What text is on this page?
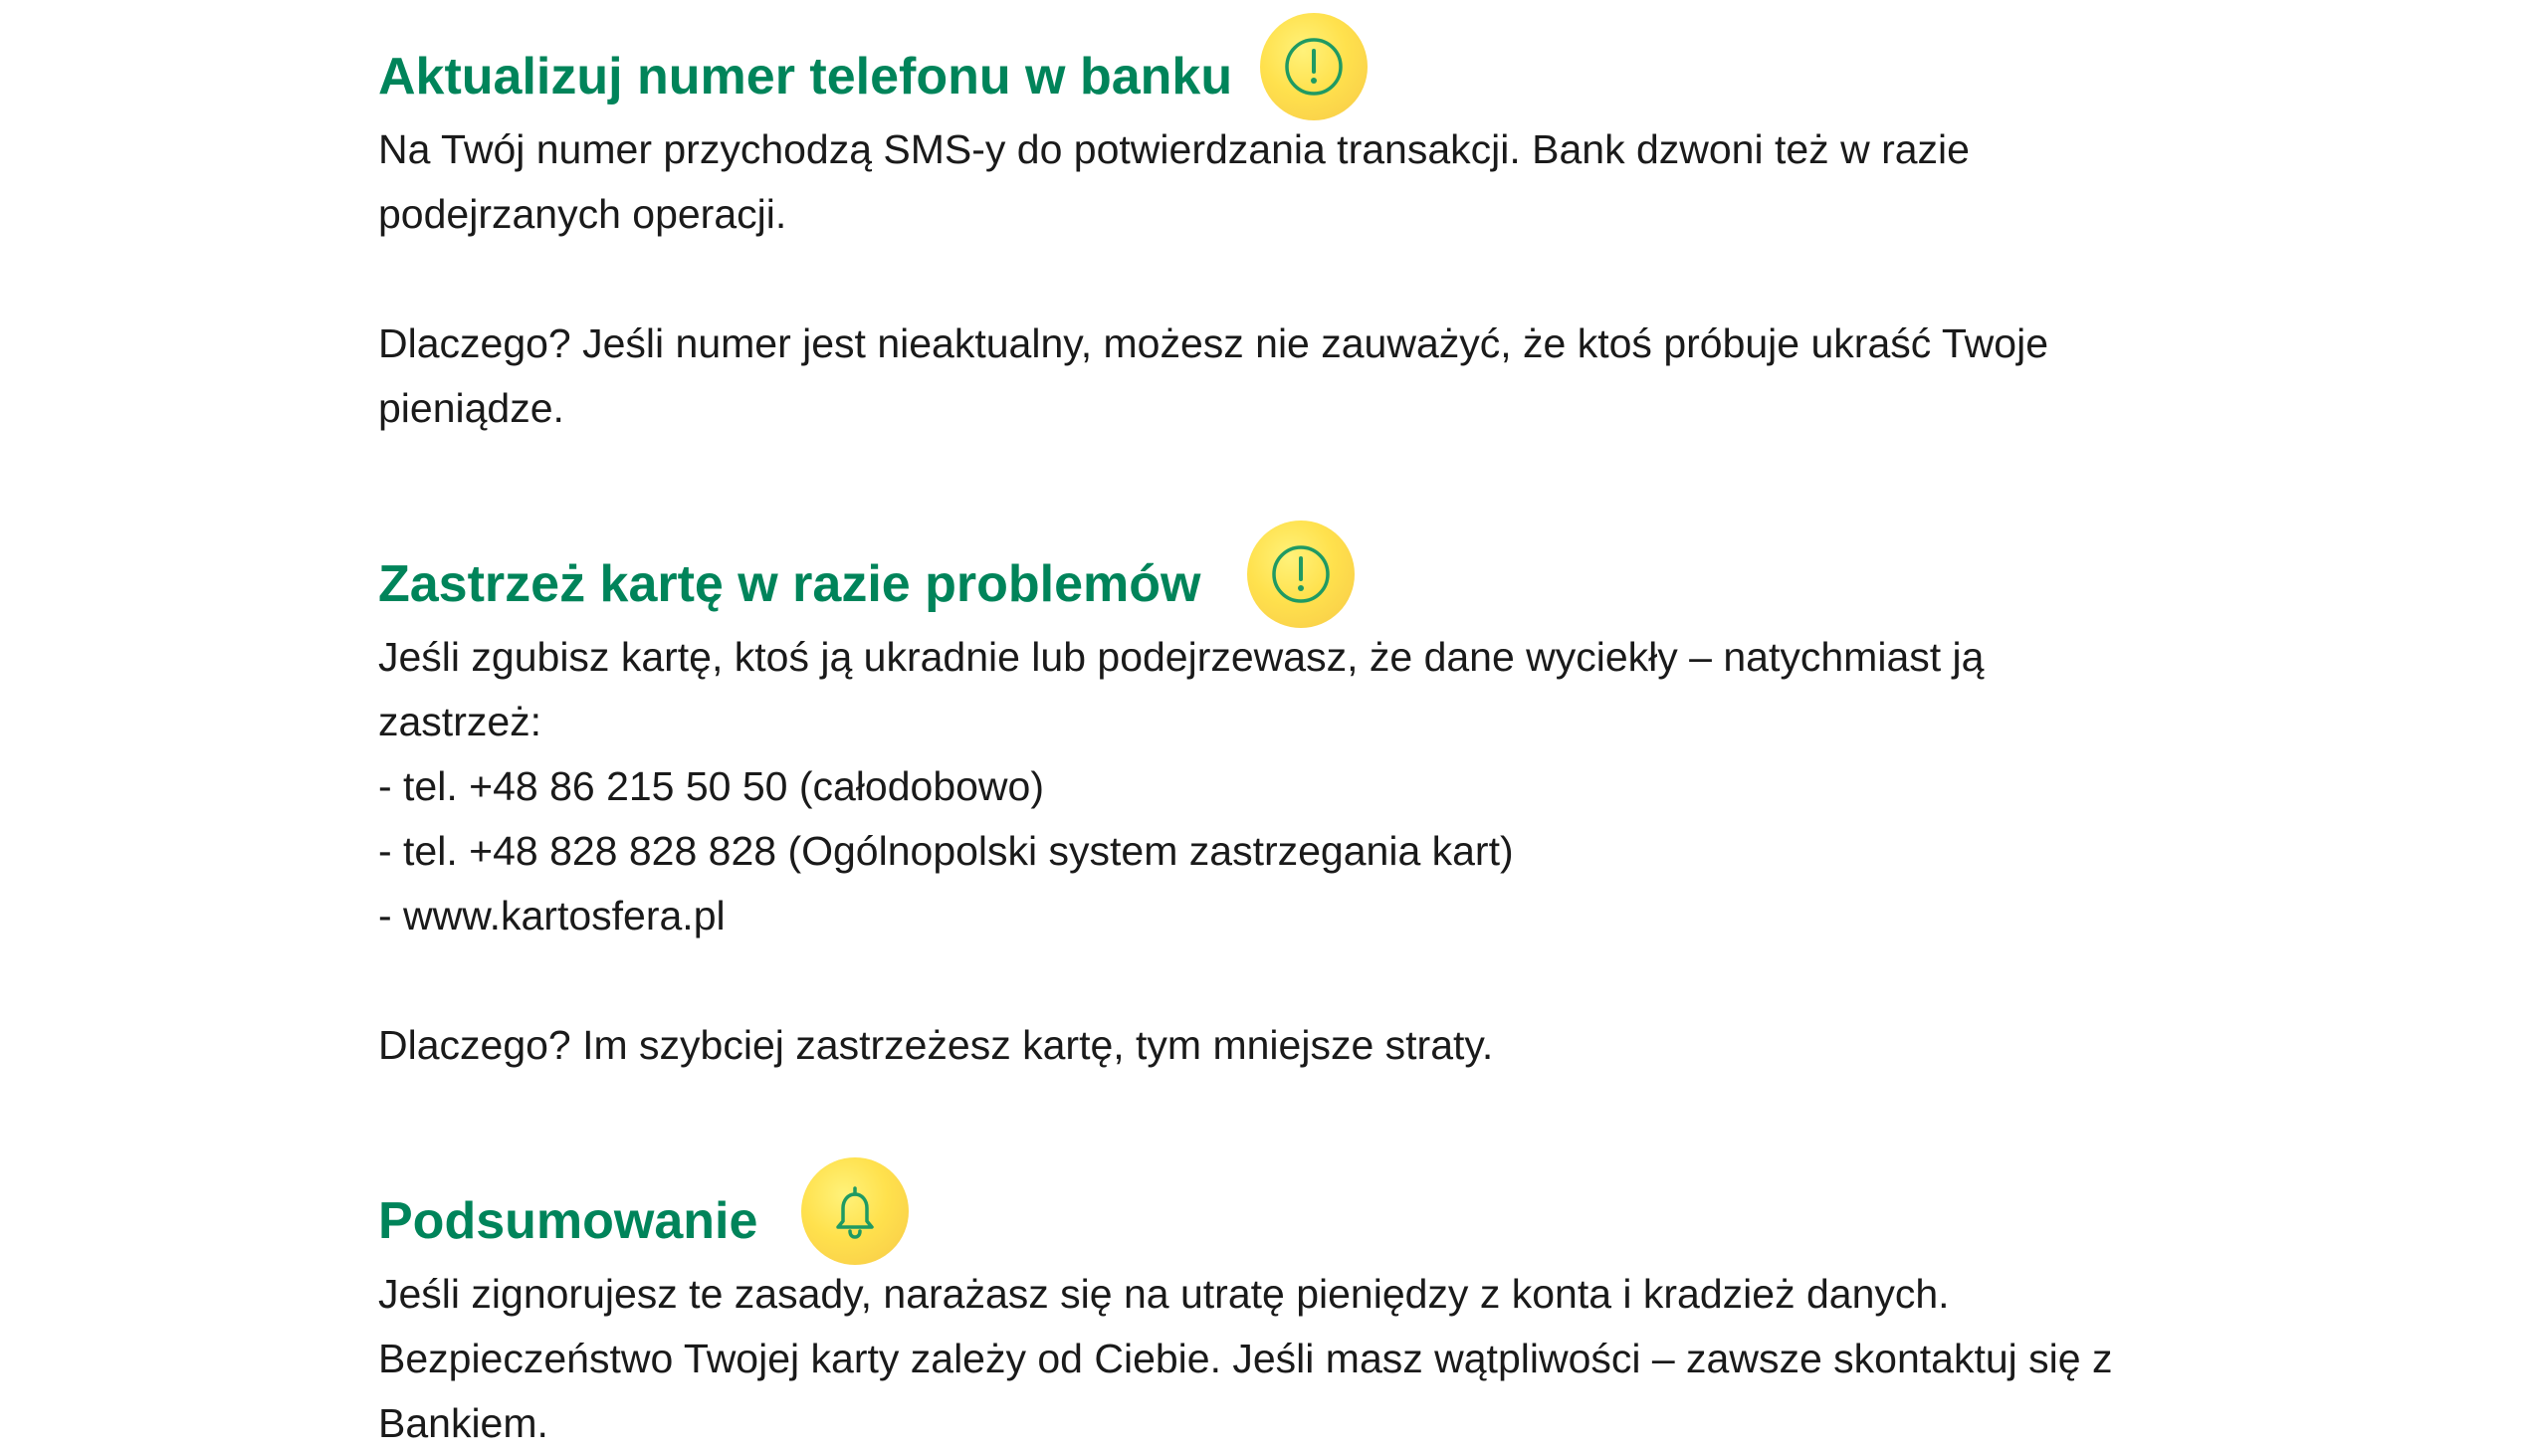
Aktualizuj numer telefonu w banku

Na Twój numer przychodzą SMS-y do potwierdzania transakcji. Bank dzwoni też w razie

podejrzanych operacji.

Dlaczego? Jeśli numer jest nieaktualny, możesz nie zauważyć, że ktoś próbuje ukraść Twoje

pieniądze.

Zastrzeż kartę w razie problemów

Jeśli zgubisz kartę, ktoś ją ukradnie lub podejrzewasz, że dane wyciekły – natychmiast ją

zastrzeż:

- tel. +48 86 215 50 50 (całodobowo)

- tel. +48 828 828 828 (Ogólnopolski system zastrzegania kart)

- www.kartosfera.pl

Dlaczego? Im szybciej zastrzeżesz kartę, tym mniejsze straty.

Podsumowanie

Jeśli zignorujesz te zasady, narażasz się na utratę pieniędzy z konta i kradzież danych.

Bezpieczeństwo Twojej karty zależy od Ciebie. Jeśli masz wątpliwości – zawsze skontaktuj się z

Bankiem.
